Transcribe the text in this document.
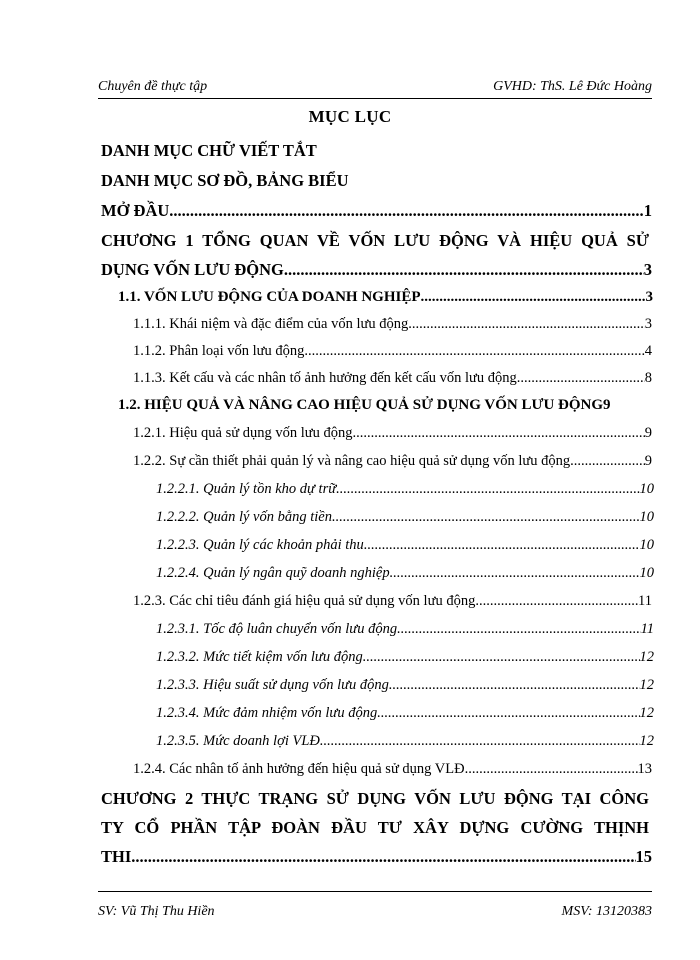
Chuyên đề thực tập	GVHD: ThS. Lê Đức Hoàng
MỤC LỤC
DANH MỤC CHỮ VIẾT TẮT
DANH MỤC SƠ ĐỒ, BẢNG BIỂU
MỞ ĐẦU .....	1
CHƯƠNG 1 TỔNG QUAN VỀ VỐN LƯU ĐỘNG VÀ HIỆU QUẢ SỬ
DỤNG VỐN LƯU ĐỘNG .....	3
1.1. VỐN LƯU ĐỘNG CỦA DOANH NGHIỆP .....	3
1.1.1. Khái niệm và đặc điểm của vốn lưu động .....	3
1.1.2. Phân loại vốn lưu động .....	4
1.1.3. Kết cấu và các nhân tố ảnh hưởng đến kết cấu vốn lưu động .....	8
1.2. HIỆU QUẢ VÀ NÂNG CAO HIỆU QUẢ SỬ DỤNG VỐN LƯU ĐỘNG 9
1.2.1. Hiệu quả sử dụng vốn lưu động .....	9
1.2.2. Sự cần thiết phải quản lý và nâng cao hiệu quả sử dụng vốn lưu động .....	9
1.2.2.1. Quản lý tồn kho dự trữ .....	10
1.2.2.2. Quản lý vốn bằng tiền .....	10
1.2.2.3. Quản lý các khoản phải thu .....	10
1.2.2.4. Quản lý ngân quỹ doanh nghiệp .....	10
1.2.3. Các chỉ tiêu đánh giá hiệu quả sử dụng vốn lưu động .....	11
1.2.3.1. Tốc độ luân chuyển vốn lưu động .....	11
1.2.3.2. Mức tiết kiệm vốn lưu động .....	12
1.2.3.3. Hiệu suất sử dụng vốn lưu động .....	12
1.2.3.4. Mức đảm nhiệm vốn lưu động .....	12
1.2.3.5. Mức doanh lợi VLĐ .....	12
1.2.4. Các nhân tố ảnh hưởng đến hiệu quả sử dụng VLĐ .....	13
CHƯƠNG 2 THỰC TRẠNG SỬ DỤNG VỐN LƯU ĐỘNG TẠI CÔNG
TY CỔ PHẦN TẬP ĐOÀN ĐẦU TƯ XÂY DỰNG CƯỜNG THỊNH
THI .....	15
SV: Vũ Thị Thu Hiền	MSV: 13120383
